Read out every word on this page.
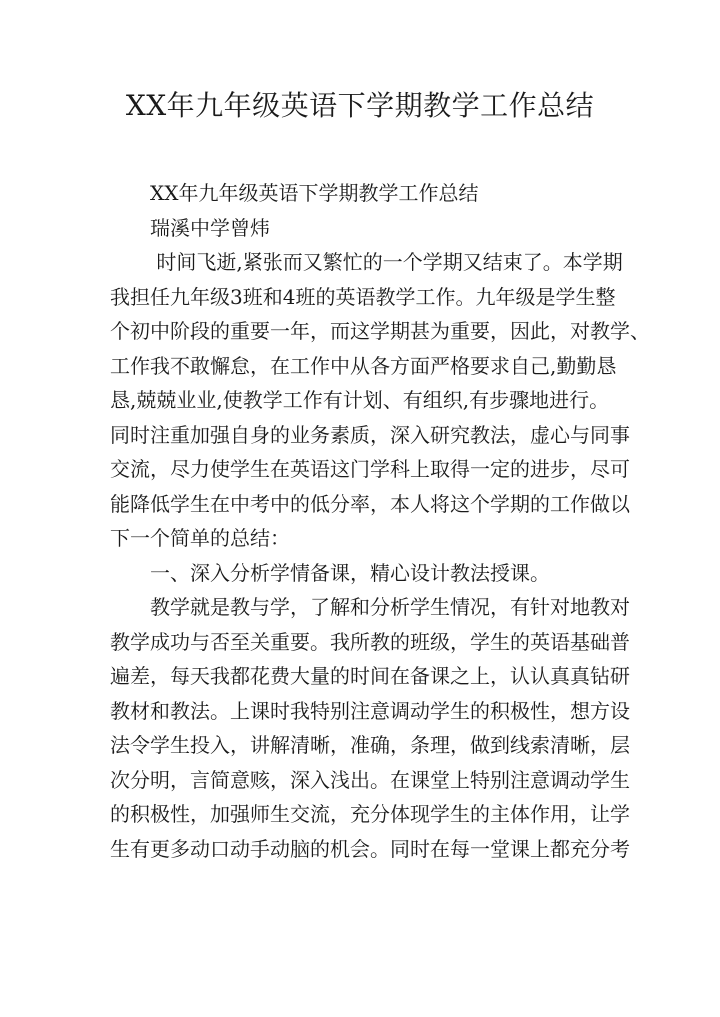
XX年九年级英语下学期教学工作总结
　　XX年九年级英语下学期教学工作总结
　　瑞溪中学曾炜
　　 时间飞逝,紧张而又繁忙的一个学期又结束了。本学期
我担任九年级3班和4班的英语教学工作。九年级是学生整
个初中阶段的重要一年，而这学期甚为重要，因此，对教学、
工作我不敢懈怠，在工作中从各方面严格要求自己,勤勤恳
恳,兢兢业业,使教学工作有计划、有组织,有步骤地进行。
同时注重加强自身的业务素质，深入研究教法，虚心与同事
交流，尽力使学生在英语这门学科上取得一定的进步，尽可
能降低学生在中考中的低分率，本人将这个学期的工作做以
下一个简单的总结：
　　一、深入分析学情备课，精心设计教法授课。
　　教学就是教与学，了解和分析学生情况，有针对地教对
教学成功与否至关重要。我所教的班级，学生的英语基础普
遍差，每天我都花费大量的时间在备课之上，认认真真钻研
教材和教法。上课时我特别注意调动学生的积极性，想方设
法令学生投入，讲解清晰，准确，条理，做到线索清晰，层
次分明，言简意赅，深入浅出。在课堂上特别注意调动学生
的积极性，加强师生交流，充分体现学生的主体作用，让学
生有更多动口动手动脑的机会。同时在每一堂课上都充分考
